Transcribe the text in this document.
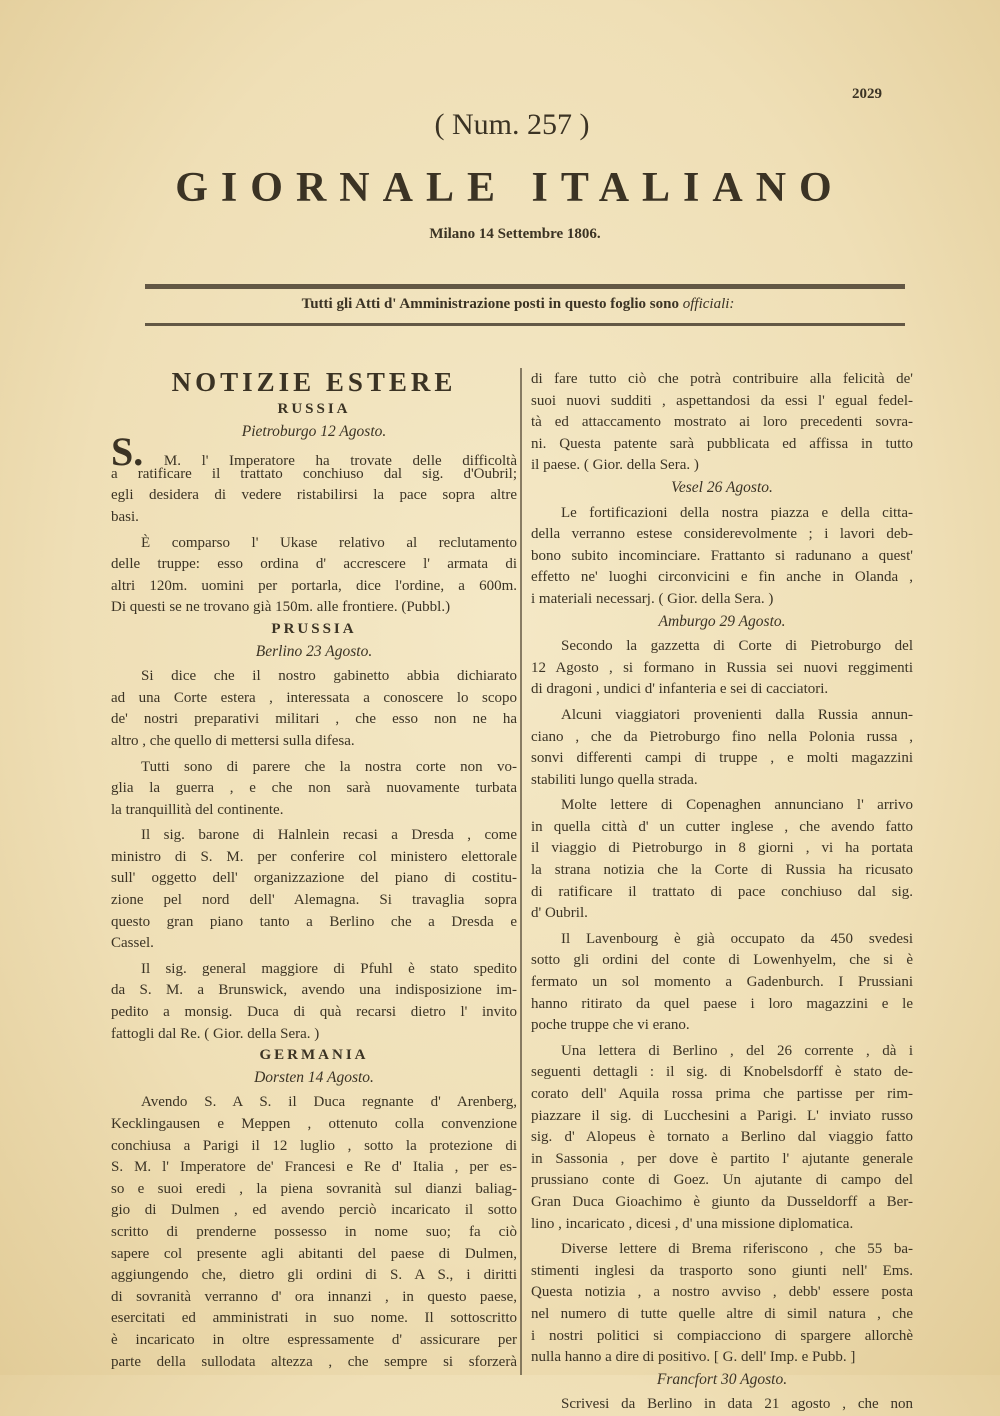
2029
( Num. 257 )
GIORNALE ITALIANO
Milano 14 Settembre 1806.
Tutti gli Atti d' Amministrazione posti in questo foglio sono officiali:
NOTIZIE ESTERE
RUSSIA
Pietroburgo 12 Agosto.
S. M. l' Imperatore ha trovate delle difficoltà
a ratificare il trattato conchiuso dal sig. d'Oubril;
egli desidera di vedere ristabilirsi la pace sopra altre
basi.
È comparso l' Ukase relativo al reclutamento
delle truppe: esso ordina d' accrescere l' armata di
altri 120m. uomini per portarla, dice l'ordine, a 600m.
Di questi se ne trovano già 150m. alle frontiere. (Pubbl.)
PRUSSIA
Berlino 23 Agosto.
Si dice che il nostro gabinetto abbia dichiarato
ad una Corte estera , interessata a conoscere lo scopo
de' nostri preparativi militari , che esso non ne ha
altro , che quello di mettersi sulla difesa.
Tutti sono di parere che la nostra corte non vo-
glia la guerra , e che non sarà nuovamente turbata
la tranquillità del continente.
Il sig. barone di Halnlein recasi a Dresda , come
ministro di S. M. per conferire col ministero elettorale
sull' oggetto dell' organizzazione del piano di costitu-
zione pel nord dell' Alemagna. Si travaglia sopra
questo gran piano tanto a Berlino che a Dresda e
Cassel.
Il sig. general maggiore di Pfuhl è stato spedito
da S. M. a Brunswick, avendo una indisposizione im-
pedito a monsig. Duca di quà recarsi dietro l' invito
fattogli dal Re. ( Gior. della Sera. )
GERMANIA
Dorsten 14 Agosto.
Avendo S. A S. il Duca regnante d' Arenberg,
Kecklingausen e Meppen , ottenuto colla convenzione
conchiusa a Parigi il 12 luglio , sotto la protezione di
S. M. l' Imperatore de' Francesi e Re d' Italia , per es-
so e suoi eredi , la piena sovranità sul dianzi baliag-
gio di Dulmen , ed avendo perciò incaricato il sotto
scritto di prenderne possesso in nome suo; fa ciò
sapere col presente agli abitanti del paese di Dulmen,
aggiungendo che, dietro gli ordini di S. A S., i diritti
di sovranità verranno d' ora innanzi , in questo paese,
esercitati ed amministrati in suo nome. Il sottoscritto
è incaricato in oltre espressamente d' assicurare per
parte della sullodata altezza , che sempre si sforzerà
di fare tutto ciò che potrà contribuire alla felicità de'
suoi nuovi sudditi , aspettandosi da essi l' egual fedel-
tà ed attaccamento mostrato ai loro precedenti sovra-
ni. Questa patente sarà pubblicata ed affissa in tutto
il paese. ( Gior. della Sera. )
Vesel 26 Agosto.
Le fortificazioni della nostra piazza e della citta-
della verranno estese considerevolmente ; i lavori deb-
bono subito incominciare. Frattanto si radunano a quest'
effetto ne' luoghi circonvicini e fin anche in Olanda ,
i materiali necessarj. ( Gior. della Sera. )
Amburgo 29 Agosto.
Secondo la gazzetta di Corte di Pietroburgo del
12 Agosto , si formano in Russia sei nuovi reggimenti
di dragoni , undici d' infanteria e sei di cacciatori.
Alcuni viaggiatori provenienti dalla Russia annun-
ciano , che da Pietroburgo fino nella Polonia russa ,
sonvi differenti campi di truppe , e molti magazzini
stabiliti lungo quella strada.
Molte lettere di Copenaghen annunciano l' arrivo
in quella città d' un cutter inglese , che avendo fatto
il viaggio di Pietroburgo in 8 giorni , vi ha portata
la strana notizia che la Corte di Russia ha ricusato
di ratificare il trattato di pace conchiuso dal sig.
d' Oubril.
Il Lavenbourg è già occupato da 450 svedesi
sotto gli ordini del conte di Lowenhyelm, che si è
fermato un sol momento a Gadenburch. I Prussiani
hanno ritirato da quel paese i loro magazzini e le
poche truppe che vi erano.
Una lettera di Berlino , del 26 corrente , dà i
seguenti dettagli : il sig. di Knobelsdorff è stato de-
corato dell' Aquila rossa prima che partisse per rim-
piazzare il sig. di Lucchesini a Parigi. L' inviato russo
sig. d' Alopeus è tornato a Berlino dal viaggio fatto
in Sassonia , per dove è partito l' ajutante generale
prussiano conte di Goez. Un ajutante di campo del
Gran Duca Gioachimo è giunto da Dusseldorff a Ber-
lino , incaricato , dicesi , d' una missione diplomatica.
Diverse lettere di Brema riferiscono , che 55 ba-
stimenti inglesi da trasporto sono giunti nell' Ems.
Questa notizia , a nostro avviso , debb' essere posta
nel numero di tutte quelle altre di simil natura , che
i nostri politici si compiacciono di spargere allorchè
nulla hanno a dire di positivo. [ G. dell' Imp. e Pubb. ]
Francfort 30 Agosto.
Scrivesi da Berlino in data 21 agosto , che non
